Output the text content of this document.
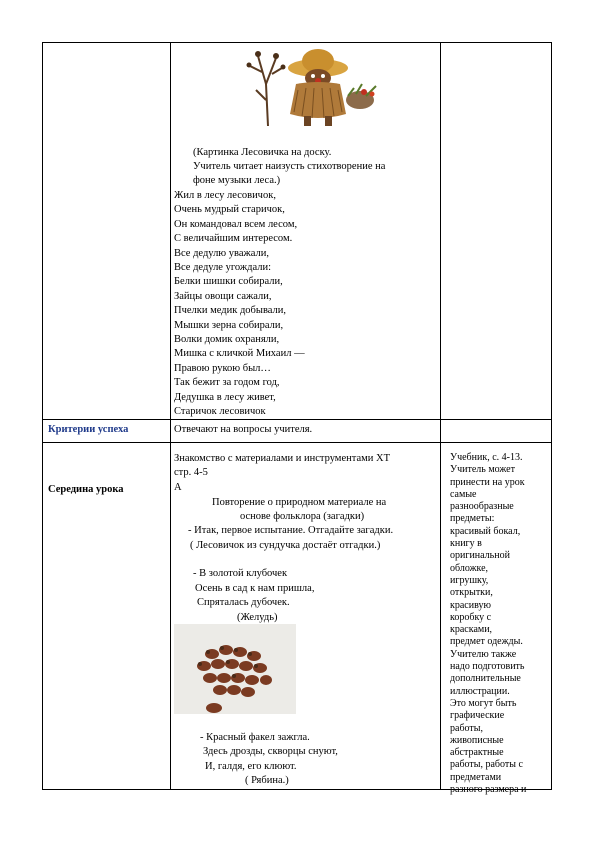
(Картинка Лесовичка на доску.
Учитель читает наизусть стихотворение на
фоне музыки леса.)
Жил в лесу лесовичок,
Очень мудрый старичок,
Он командовал всем лесом,
С величайшим интересом.
Все дедулю уважали,
Все дедуле угождали:
Белки шишки собирали,
Зайцы овощи сажали,
Пчелки медик добывали,
Мышки зерна собирали,
Волки домик охраняли,
Мишка с кличкой Михаил —
Правою рукою был…
Так бежит за годом год,
Дедушка в лесу живет,
Старичок лесовичок
Критерии успеха	Отвечают на вопросы учителя.
Середина урока
Знакомство с материалами и инструментами ХТ
стр. 4-5
А
Повторение о природном материале на
основе фольклора (загадки)
- Итак, первое испытание. Отгадайте загадки.
( Лесовичок из сундучка достаёт отгадки.)
- В золотой клубочек
Осень в сад к нам пришла,
Спряталась дубочек.
(Желудь)
- Красный факел зажгла.
Здесь дрозды, скворцы снуют,
И, галдя, его клюют.
( Рябина.)
Учебник, с. 4-13.
Учитель может
принести на урок
самые
разнообразные
предметы:
красивый бокал,
книгу в
оригинальной
обложке,
игрушку,
открытки,
красивую
коробку с
красками,
предмет одежды.
Учителю также
надо подготовить
дополнительные
иллюстрации.
Это могут быть
графические
работы,
живописные
абстрактные
работы, работы с
предметами
разного размера и
